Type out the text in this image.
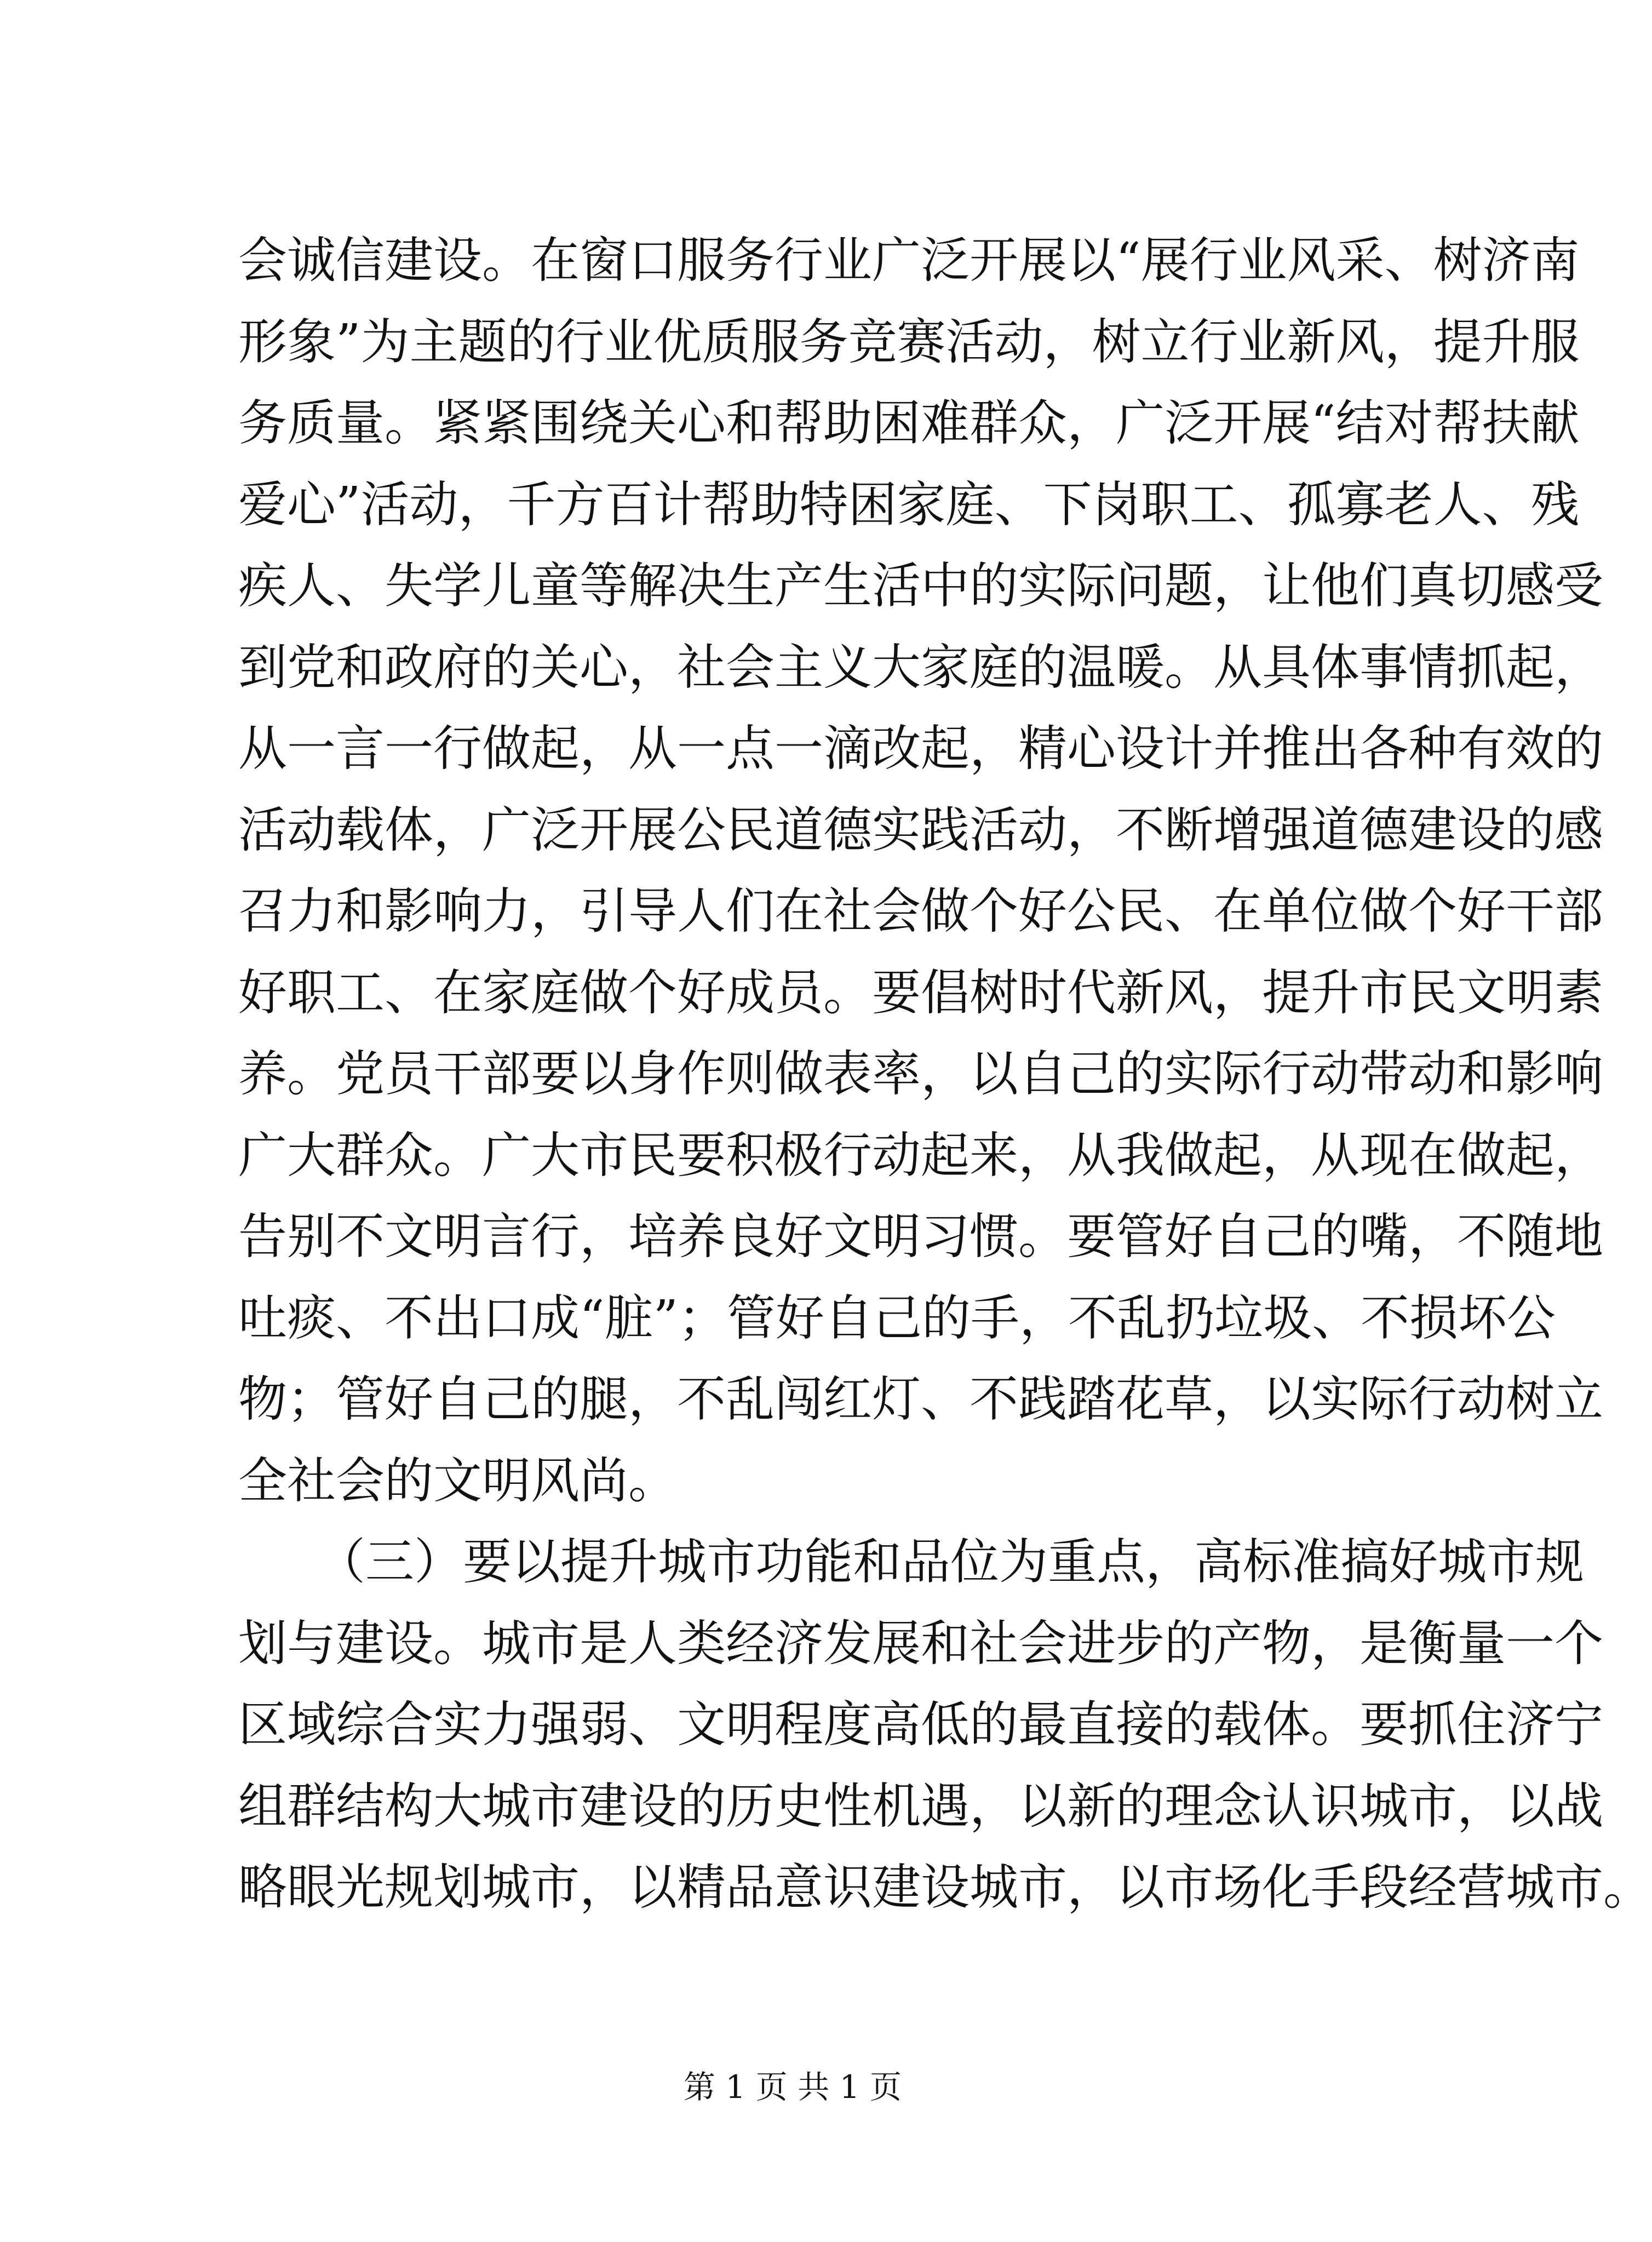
会诚信建设。在窗口服务行业广泛开展以“展行业风采、树济南
形象”为主题的行业优质服务竞赛活动，树立行业新风，提升服
务质量。紧紧围绕关心和帮助困难群众，广泛开展“结对帮扶献
爱心”活动，千方百计帮助特困家庭、下岗职工、孤寡老人、残
疾人、失学儿童等解决生产生活中的实际问题，让他们真切感受
到党和政府的关心，社会主义大家庭的温暖。从具体事情抓起，
从一言一行做起，从一点一滴改起，精心设计并推出各种有效的
活动载体，广泛开展公民道德实践活动，不断增强道德建设的感
召力和影响力，引导人们在社会做个好公民、在单位做个好干部
好职工、在家庭做个好成员。要倡树时代新风，提升市民文明素
养。党员干部要以身作则做表率，以自己的实际行动带动和影响
广大群众。广大市民要积极行动起来，从我做起，从现在做起，
告别不文明言行，培养良好文明习惯。要管好自己的嘴，不随地
吐痰、不出口成“脏”；管好自己的手，不乱扔垃圾、不损坏公
物；管好自己的腿，不乱闯红灯、不践踏花草，以实际行动树立
全社会的文明风尚。
（三）要以提升城市功能和品位为重点，高标准搞好城市规
划与建设。城市是人类经济发展和社会进步的产物，是衡量一个
区域综合实力强弱、文明程度高低的最直接的载体。要抓住济宁
组群结构大城市建设的历史性机遇，以新的理念认识城市，以战
略眼光规划城市，以精品意识建设城市，以市场化手段经营城市。
第 1 页 共 1 页
